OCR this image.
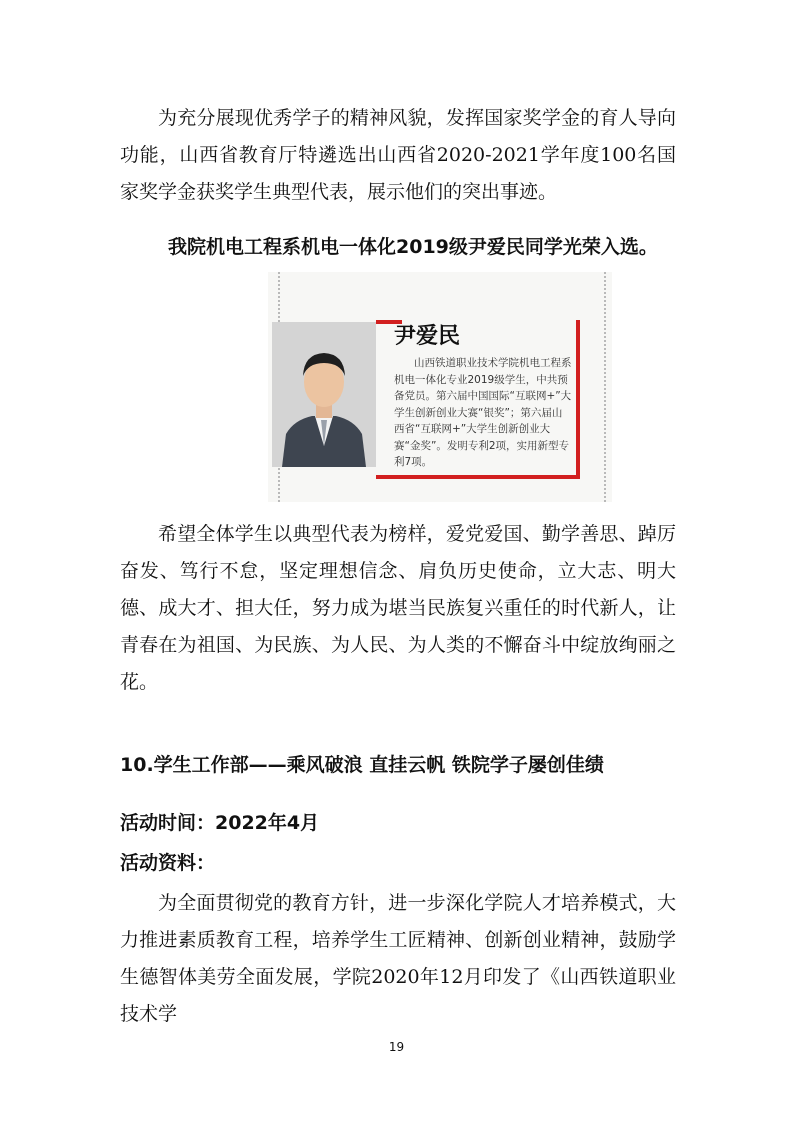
为充分展现优秀学子的精神风貌，发挥国家奖学金的育人导向功能，山西省教育厅特遴选出山西省2020-2021学年度100名国家奖学金获奖学生典型代表，展示他们的突出事迹。

我院机电工程系机电一体化2019级尹爱民同学光荣入选。

尹爱民

山西铁道职业技术学院机电工程系机电一体化专业2019级学生，中共预备党员。第六届中国国际“互联网+”大学生创新创业大赛“银奖”；第六届山西省“互联网+”大学生创新创业大赛“金奖”。发明专利2项，实用新型专利7项。

希望全体学生以典型代表为榜样，爱党爱国、勤学善思、踔厉奋发、笃行不怠，坚定理想信念、肩负历史使命，立大志、明大德、成大才、担大任，努力成为堪当民族复兴重任的时代新人，让青春在为祖国、为民族、为人民、为人类的不懈奋斗中绽放绚丽之花。

10.学生工作部——乘风破浪 直挂云帆 铁院学子屡创佳绩

活动时间：2022年4月

活动资料：

为全面贯彻党的教育方针，进一步深化学院人才培养模式，大力推进素质教育工程，培养学生工匠精神、创新创业精神，鼓励学生德智体美劳全面发展，学院2020年12月印发了《山西铁道职业技术学

19
